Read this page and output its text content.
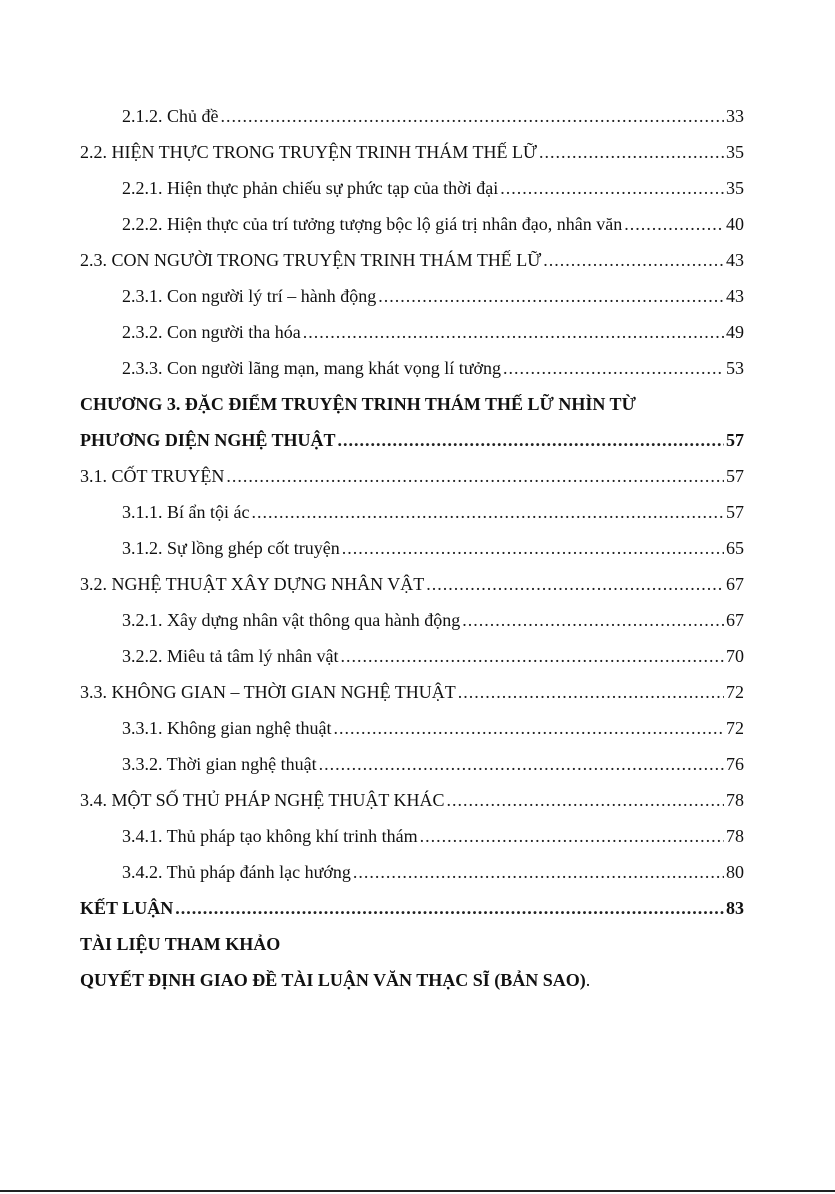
2.1.2. Chủ đề .....	33
2.2. HIỆN THỰC TRONG TRUYỆN TRINH THÁM THẾ LỮ .....	35
2.2.1. Hiện thực phản chiếu sự phức tạp của thời đại .....	35
2.2.2. Hiện thực của trí tưởng tượng bộc lộ giá trị nhân đạo, nhân văn .....	40
2.3. CON NGƯỜI TRONG TRUYỆN TRINH THÁM THẾ LỮ .....	43
2.3.1. Con người lý trí – hành động .....	43
2.3.2. Con người tha hóa .....	49
2.3.3. Con người lãng mạn, mang khát vọng lí tưởng .....	53
CHƯƠNG 3. ĐẶC ĐIỂM TRUYỆN TRINH THÁM THẾ LỮ NHÌN TỪ
PHƯƠNG DIỆN NGHỆ THUẬT .....	57
3.1. CỐT TRUYỆN .....	57
3.1.1. Bí ẩn tội ác .....	57
3.1.2. Sự lồng ghép cốt truyện .....	65
3.2. NGHỆ THUẬT XÂY DỰNG NHÂN VẬT .....	67
3.2.1. Xây dựng nhân vật thông qua hành động .....	67
3.2.2. Miêu tả tâm lý nhân vật .....	70
3.3. KHÔNG GIAN – THỜI GIAN NGHỆ THUẬT .....	72
3.3.1. Không gian nghệ thuật .....	72
3.3.2. Thời gian nghệ thuật .....	76
3.4. MỘT SỐ THỦ PHÁP NGHỆ THUẬT KHÁC .....	78
3.4.1. Thủ pháp tạo không khí trinh thám .....	78
3.4.2. Thủ pháp đánh lạc hướng .....	80
KẾT LUẬN .....	83
TÀI LIỆU THAM KHẢO
QUYẾT ĐỊNH GIAO ĐỀ TÀI LUẬN VĂN THẠC SĨ (BẢN SAO) .
